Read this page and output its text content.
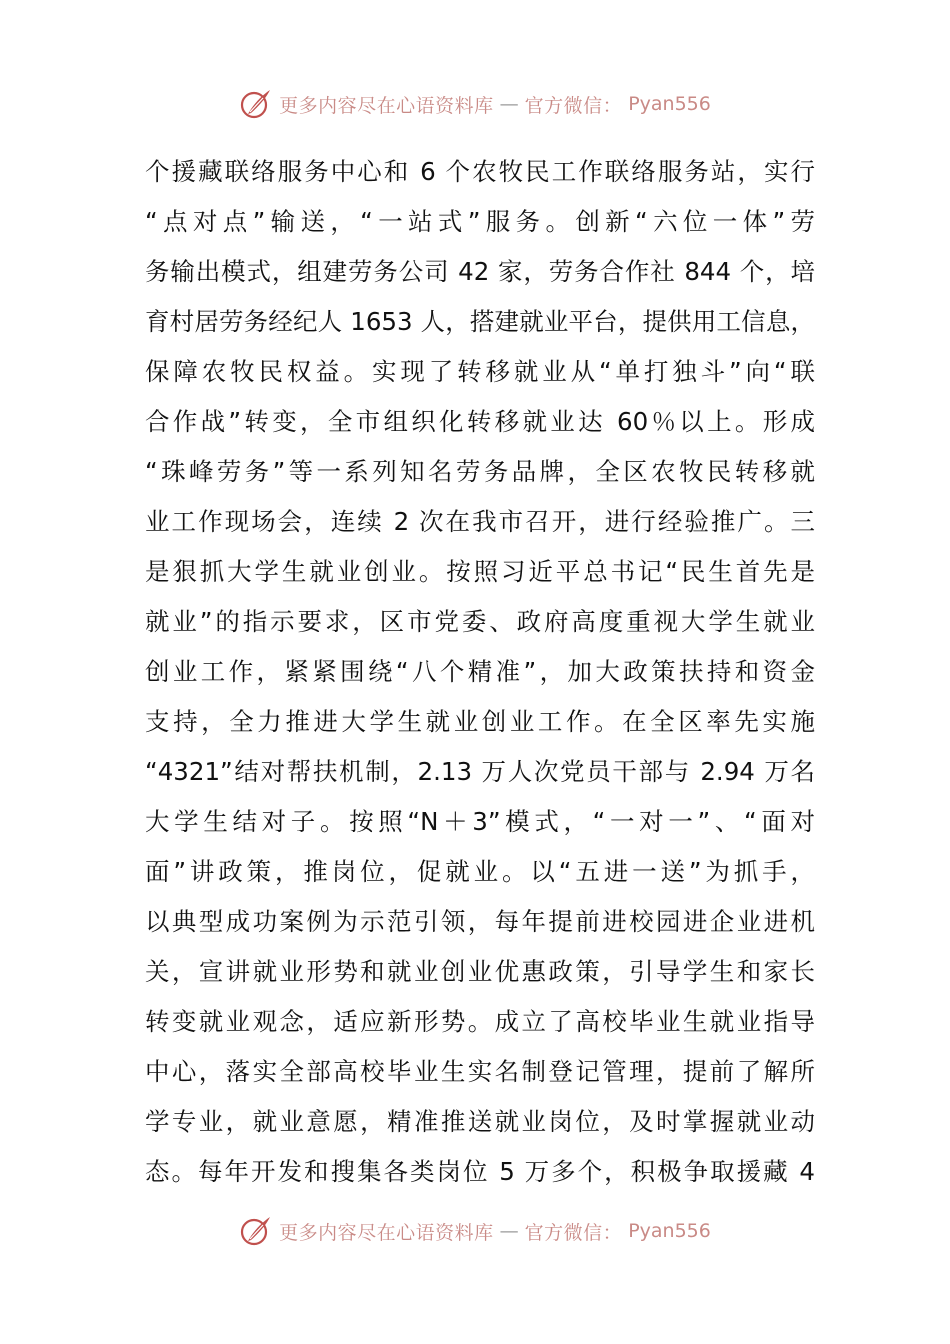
更多内容尽在心语资料库 — 官方微信： Pyan556
个援藏联络服务中心和 6 个农牧民工作联络服务站，实行
“点对点”输送，“一站式”服务。创新“六位一体”劳
务输出模式，组建劳务公司 42 家，劳务合作社 844 个，培
育村居劳务经纪人 1653 人，搭建就业平台，提供用工信息，
保障农牧民权益。实现了转移就业从“单打独斗”向“联
合作战”转变，全市组织化转移就业达 60％以上。形成
“珠峰劳务”等一系列知名劳务品牌，全区农牧民转移就
业工作现场会，连续 2 次在我市召开，进行经验推广。三
是狠抓大学生就业创业。按照习近平总书记“民生首先是
就业”的指示要求，区市党委、政府高度重视大学生就业
创业工作，紧紧围绕“八个精准”，加大政策扶持和资金
支持，全力推进大学生就业创业工作。在全区率先实施
“4321”结对帮扶机制，2.13 万人次党员干部与 2.94 万名
大学生结对子。按照“N＋3”模式，“一对一”、“面对
面”讲政策，推岗位，促就业。以“五进一送”为抓手，
以典型成功案例为示范引领，每年提前进校园进企业进机
关，宣讲就业形势和就业创业优惠政策，引导学生和家长
转变就业观念，适应新形势。成立了高校毕业生就业指导
中心，落实全部高校毕业生实名制登记管理，提前了解所
学专业，就业意愿，精准推送就业岗位，及时掌握就业动
态。每年开发和搜集各类岗位 5 万多个，积极争取援藏 4
更多内容尽在心语资料库 — 官方微信： Pyan556
